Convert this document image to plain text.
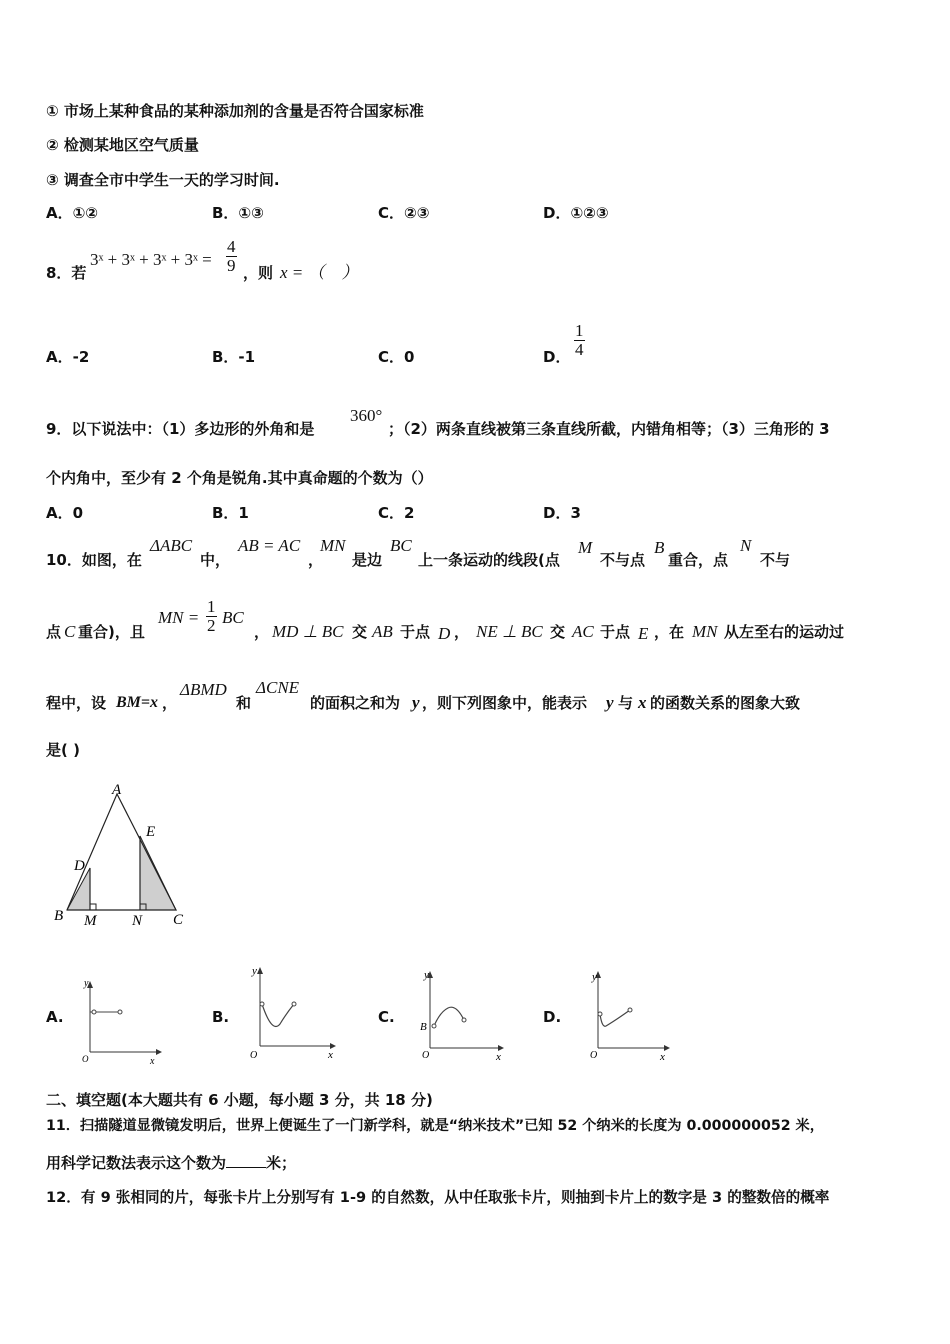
① 市场上某种食品的某种添加剂的含量是否符合国家标准
② 检测某地区空气质量
③ 调查全市中学生一天的学习时间.
A．①②	B．①③	C．②③	D．①②③
8．若
3ˣ + 3ˣ + 3ˣ + 3ˣ = $\frac{4}{9}$ ，则 x = （　）
A．-2	B．-1	C．0	D． $\frac{1}{4}$
9．以下说法中：（1）多边形的外角和是
360°
；（2）两条直线被第三条直线所截，内错角相等；（3）三角形的 3
个内角中，至少有 2 个角是锐角.其中真命题的个数为（）
A．0	B．1	C．2	D．3
10．如图，在
ΔABC
中，
AB = AC
，
MN
是边
BC
上一条运动的线段(点
M
不与点
B
重合，点
N
不与
点 C 重合)，且
MN = $\frac{1}{2}$ BC
， MD ⊥ BC 交 AB 于点 D ， NE ⊥ BC 交 AC 于点 E ，在 MN 从左至右的运动过
程中，设 BM=x ，
ΔBMD
和
ΔCNE
的面积之和为 y ，则下列图象中，能表示 y 与 x 的函数关系的图象大致
是( )
A
E
D
B M N C
A.
y
x
O
B.
y
x
O
C.
y
B
x
O
D.
y
x
O
二、填空题(本大题共有 6 小题，每小题 3 分，共 18 分)
11．扫描隧道显微镜发明后，世界上便诞生了一门新学科，就是“纳米技术”已知 52 个纳米的长度为 0.000000052 米，
用科学记数法表示这个数为	米；
12．有 9 张相同的片，每张卡片上分别写有 1-9 的自然数，从中任取张卡片，则抽到卡片上的数字是 3 的整数倍的概率
